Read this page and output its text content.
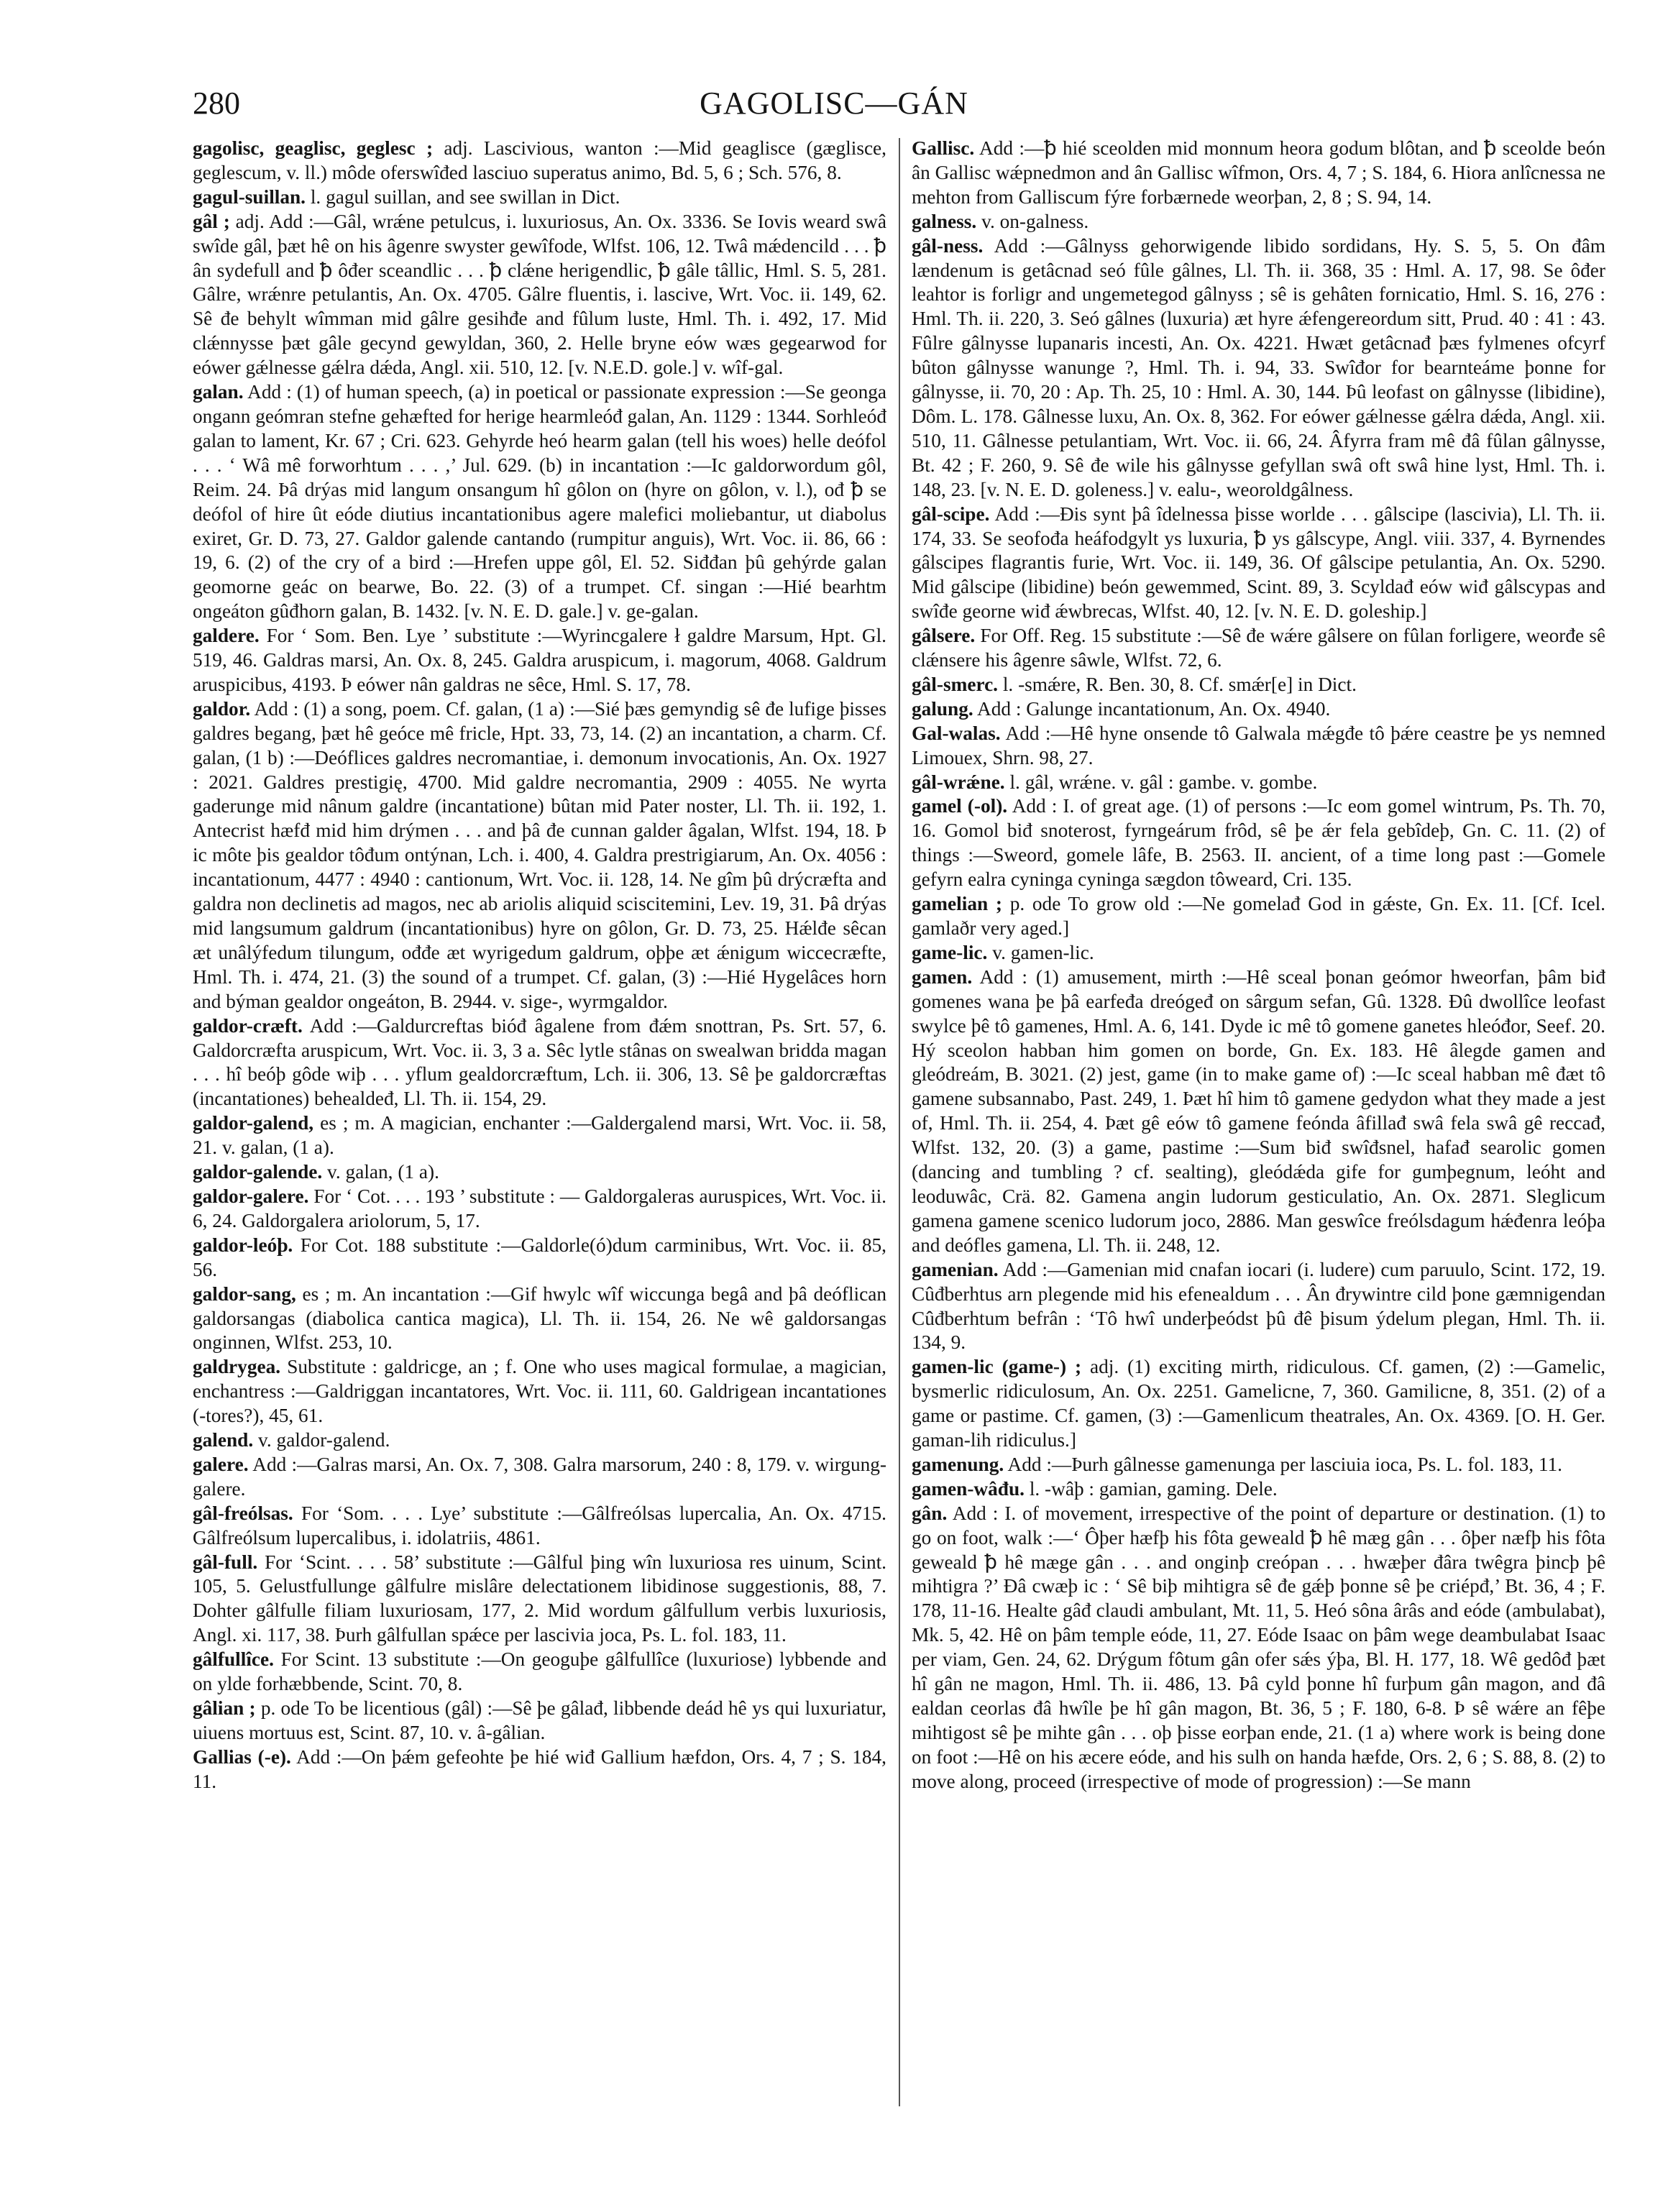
280	GAGOLISC—GÁN

gagolisc, geaglisc, geglesc ; adj. Lascivious, wanton :—Mid geaglisce (gæglisce, geglescum, v. ll.) môde oferswîđed lasciuo superatus animo, Bd. 5, 6 ; Sch. 576, 8.

gagul-suillan. l. gagul suillan, and see swillan in Dict.

gâl ; adj. Add :—Gâl, wrǽne petulcus, i. luxuriosus, An. Ox. 3336. Se Iovis weard swâ swîde gâl, þæt hê on his âgenre swyster gewîfode, Wlfst. 106, 12. Twâ mǽdencild . . . ꝥ ân sydefull and ꝥ ôđer sceandlic . . . ꝥ clǽne herigendlic, ꝥ gâle tâllic, Hml. S. 5, 281. Gâlre, wrǽnre petulantis, An. Ox. 4705. Gâlre fluentis, i. lascive, Wrt. Voc. ii. 149, 62. Sê đe behylt wîmman mid gâlre gesihđe and fûlum luste, Hml. Th. i. 492, 17. Mid clǽnnysse þæt gâle gecynd gewyldan, 360, 2. Helle bryne eów wæs gegearwod for eówer gǽlnesse gǽlra dǽda, Angl. xii. 510, 12. [v. N.E.D. gole.] v. wîf-gal.

galan. Add : (1) of human speech, (a) in poetical or passionate expression :—Se geonga ongann geómran stefne gehæfted for herige hearmleóđ galan, An. 1129 : 1344. Sorhleóđ galan to lament, Kr. 67 ; Cri. 623. Gehyrde heó hearm galan (tell his woes) helle deófol . . . ‘ Wâ mê forworhtum . . . ,’ Jul. 629. (b) in incantation :—Ic galdorwordum gôl, Reim. 24. Þâ drýas mid langum onsangum hî gôlon on (hyre on gôlon, v. l.), ođ ꝥ se deófol of hire ût eóde diutius incantationibus agere malefici moliebantur, ut diabolus exiret, Gr. D. 73, 27. Galdor galende cantando (rumpitur anguis), Wrt. Voc. ii. 86, 66 : 19, 6. (2) of the cry of a bird :—Hrefen uppe gôl, El. 52. Siđđan þû gehýrde galan geomorne geác on bearwe, Bo. 22. (3) of a trumpet. Cf. singan :—Hié bearhtm ongeáton gûđhorn galan, B. 1432. [v. N. E. D. gale.] v. ge-galan.

galdere. For ‘ Som. Ben. Lye ’ substitute :—Wyrincgalere ł galdre Marsum, Hpt. Gl. 519, 46. Galdras marsi, An. Ox. 8, 245. Galdra aruspicum, i. magorum, 4068. Galdrum aruspicibus, 4193. Þ eówer nân galdras ne sêce, Hml. S. 17, 78.

galdor. Add : (1) a song, poem. Cf. galan, (1 a) :—Sié þæs gemyndig sê đe lufige þisses galdres begang, þæt hê geóce mê fricle, Hpt. 33, 73, 14. (2) an incantation, a charm. Cf. galan, (1 b) :—Deóflices galdres necromantiae, i. demonum invocationis, An. Ox. 1927 : 2021. Galdres prestigię, 4700. Mid galdre necromantia, 2909 : 4055. Ne wyrta gaderunge mid nânum galdre (incantatione) bûtan mid Pater noster, Ll. Th. ii. 192, 1. Antecrist hæfđ mid him drýmen . . . and þâ đe cunnan galder âgalan, Wlfst. 194, 18. Þ ic môte þis gealdor tôđum ontýnan, Lch. i. 400, 4. Galdra prestrigiarum, An. Ox. 4056 : incantationum, 4477 : 4940 : cantionum, Wrt. Voc. ii. 128, 14. Ne gîm þû drýcræfta and galdra non declinetis ad magos, nec ab ariolis aliquid sciscitemini, Lev. 19, 31. Þâ drýas mid langsumum galdrum (incantationibus) hyre on gôlon, Gr. D. 73, 25. Hǽlđe sêcan æt unâlýfedum tilungum, ođđe æt wyrigedum galdrum, oþþe æt ǽnigum wiccecræfte, Hml. Th. i. 474, 21. (3) the sound of a trumpet. Cf. galan, (3) :—Hié Hygelâces horn and býman gealdor ongeáton, B. 2944. v. sige-, wyrmgaldor.

galdor-cræft. Add :—Galdurcreftas bióđ âgalene from đǽm snottran, Ps. Srt. 57, 6. Galdorcræfta aruspicum, Wrt. Voc. ii. 3, 3 a. Sêc lytle stânas on swealwan bridda magan . . . hî beóþ gôde wiþ . . . yflum gealdorcræftum, Lch. ii. 306, 13. Sê þe galdorcræftas (incantationes) behealdeđ, Ll. Th. ii. 154, 29.

galdor-galend, es ; m. A magician, enchanter :—Galdergalend marsi, Wrt. Voc. ii. 58, 21. v. galan, (1 a).

galdor-galende. v. galan, (1 a).

galdor-galere. For ‘ Cot. . . . 193 ’ substitute : — Galdorgaleras auruspices, Wrt. Voc. ii. 6, 24. Galdorgalera ariolorum, 5, 17.

galdor-leóþ. For Cot. 188 substitute :—Galdorle(ó)dum carminibus, Wrt. Voc. ii. 85, 56.

galdor-sang, es ; m. An incantation :—Gif hwylc wîf wiccunga begâ and þâ deóflican galdorsangas (diabolica cantica magica), Ll. Th. ii. 154, 26. Ne wê galdorsangas onginnen, Wlfst. 253, 10.

galdrygea. Substitute : galdricge, an ; f. One who uses magical formulae, a magician, enchantress :—Galdriggan incantatores, Wrt. Voc. ii. 111, 60. Galdrigean incantationes (-tores?), 45, 61.

galend. v. galdor-galend.

galere. Add :—Galras marsi, An. Ox. 7, 308. Galra marsorum, 240 : 8, 179. v. wirgung-galere.

gâl-freólsas. For ‘Som. . . . Lye’ substitute :—Gâlfreólsas lupercalia, An. Ox. 4715. Gâlfreólsum lupercalibus, i. idolatriis, 4861.

gâl-full. For ‘Scint. . . . 58’ substitute :—Gâlful þing wîn luxuriosa res uinum, Scint. 105, 5. Gelustfullunge gâlfulre mislâre delectationem libidinose suggestionis, 88, 7. Dohter gâlfulle filiam luxuriosam, 177, 2. Mid wordum gâlfullum verbis luxuriosis, Angl. xi. 117, 38. Þurh gâlfullan spǽce per lascivia joca, Ps. L. fol. 183, 11.

gâlfullîce. For Scint. 13 substitute :—On geoguþe gâlfullîce (luxuriose) lybbende and on ylde forhæbbende, Scint. 70, 8.

gâlian ; p. ode To be licentious (gâl) :—Sê þe gâlađ, libbende deád hê ys qui luxuriatur, uiuens mortuus est, Scint. 87, 10. v. â-gâlian.

Gallias (-e). Add :—On þǽm gefeohte þe hié wiđ Gallium hæfdon, Ors. 4, 7 ; S. 184, 11.

Gallisc. Add :—ꝥ hié sceolden mid monnum heora godum blôtan, and ꝥ sceolde beón ân Gallisc wǽpnedmon and ân Gallisc wîfmon, Ors. 4, 7 ; S. 184, 6. Hiora anlîcnessa ne mehton from Galliscum fýre forbærnede weorþan, 2, 8 ; S. 94, 14.

galness. v. on-galness.

gâl-ness. Add :—Gâlnyss gehorwigende libido sordidans, Hy. S. 5, 5. On đâm lændenum is getâcnad seó fûle gâlnes, Ll. Th. ii. 368, 35 : Hml. A. 17, 98. Se ôđer leahtor is forligr and ungemetegod gâlnyss ; sê is gehâten fornicatio, Hml. S. 16, 276 : Hml. Th. ii. 220, 3. Seó gâlnes (luxuria) æt hyre ǽfengereordum sitt, Prud. 40 : 41 : 43. Fûlre gâlnysse lupanaris incesti, An. Ox. 4221. Hwæt getâcnađ þæs fylmenes ofcyrf bûton gâlnysse wanunge ?, Hml. Th. i. 94, 33. Swîđor for bearnteáme þonne for gâlnysse, ii. 70, 20 : Ap. Th. 25, 10 : Hml. A. 30, 144. Þû leofast on gâlnysse (libidine), Dôm. L. 178. Gâlnesse luxu, An. Ox. 8, 362. For eówer gǽlnesse gǽlra dǽda, Angl. xii. 510, 11. Gâlnesse petulantiam, Wrt. Voc. ii. 66, 24. Âfyrra fram mê đâ fûlan gâlnysse, Bt. 42 ; F. 260, 9. Sê đe wile his gâlnysse gefyllan swâ oft swâ hine lyst, Hml. Th. i. 148, 23. [v. N. E. D. goleness.] v. ealu-, weoroldgâlness.

gâl-scipe. Add :—Đis synt þâ îdelnessa þisse worlde . . . gâlscipe (lascivia), Ll. Th. ii. 174, 33. Se seofođa heáfodgylt ys luxuria, ꝥ ys gâlscype, Angl. viii. 337, 4. Byrnendes gâlscipes flagrantis furie, Wrt. Voc. ii. 149, 36. Of gâlscipe petulantia, An. Ox. 5290. Mid gâlscipe (libidine) beón gewemmed, Scint. 89, 3. Scyldađ eów wiđ gâlscypas and swîđe georne wiđ ǽwbrecas, Wlfst. 40, 12. [v. N. E. D. goleship.]

gâlsere. For Off. Reg. 15 substitute :—Sê đe wǽre gâlsere on fûlan forligere, weorđe sê clǽnsere his âgenre sâwle, Wlfst. 72, 6.

gâl-smerc. l. -smǽre, R. Ben. 30, 8. Cf. smǽr[e] in Dict.

galung. Add : Galunge incantationum, An. Ox. 4940.

Gal-walas. Add :—Hê hyne onsende tô Galwala mǽgđe tô þǽre ceastre þe ys nemned Limouex, Shrn. 98, 27.

gâl-wrǽne. l. gâl, wrǽne. v. gâl : gambe. v. gombe.

gamel (-ol). Add : I. of great age. (1) of persons :—Ic eom gomel wintrum, Ps. Th. 70, 16. Gomol biđ snoterost, fyrngeárum frôd, sê þe ǽr fela gebîdeþ, Gn. C. 11. (2) of things :—Sweord, gomele lâfe, B. 2563. II. ancient, of a time long past :—Gomele gefyrn ealra cyninga cyninga sægdon tôweard, Cri. 135.

gamelian ; p. ode To grow old :—Ne gomelađ God in gǽste, Gn. Ex. 11. [Cf. Icel. gamlaðr very aged.]

game-lic. v. gamen-lic.

gamen. Add : (1) amusement, mirth :—Hê sceal þonan geómor hweorfan, þâm biđ gomenes wana þe þâ earfeđa dreógeđ on sârgum sefan, Gû. 1328. Đû dwollîce leofast swylce þê tô gamenes, Hml. A. 6, 141. Dyde ic mê tô gomene ganetes hleóđor, Seef. 20. Hý sceolon habban him gomen on borde, Gn. Ex. 183. Hê âlegde gamen and gleódreám, B. 3021. (2) jest, game (in to make game of) :—Ic sceal habban mê đæt tô gamene subsannabo, Past. 249, 1. Þæt hî him tô gamene gedydon what they made a jest of, Hml. Th. ii. 254, 4. Þæt gê eów tô gamene feónda âfillađ swâ fela swâ gê reccađ, Wlfst. 132, 20. (3) a game, pastime :—Sum biđ swîđsnel, hafađ searolic gomen (dancing and tumbling ? cf. sealting), gleódǽda gife for gumþegnum, leóht and leoduwâc, Crä. 82. Gamena angin ludorum gesticulatio, An. Ox. 2871. Sleglicum gamena gamene scenico ludorum joco, 2886. Man geswîce freólsdagum hǽđenra leóþa and deófles gamena, Ll. Th. ii. 248, 12.

gamenian. Add :—Gamenian mid cnafan iocari (i. ludere) cum paruulo, Scint. 172, 19. Cûđberhtus arn plegende mid his efenealdum . . . Ân đrywintre cild þone gæmnigendan Cûđberhtum befrân : ‘Tô hwî underþeódst þû đê þisum ýdelum plegan, Hml. Th. ii. 134, 9.

gamen-lic (game-) ; adj. (1) exciting mirth, ridiculous. Cf. gamen, (2) :—Gamelic, bysmerlic ridiculosum, An. Ox. 2251. Gamelicne, 7, 360. Gamilicne, 8, 351. (2) of a game or pastime. Cf. gamen, (3) :—Gamenlicum theatrales, An. Ox. 4369. [O. H. Ger. gaman-lih ridiculus.]

gamenung. Add :—Þurh gâlnesse gamenunga per lasciuia ioca, Ps. L. fol. 183, 11.

gamen-wâđu. l. -wâþ : gamian, gaming. Dele.

gân. Add : I. of movement, irrespective of the point of departure or destination. (1) to go on foot, walk :—‘ Ôþer hæfþ his fôta geweald ꝥ hê mæg gân . . . ôþer næfþ his fôta geweald ꝥ hê mæge gân . . . and onginþ creópan . . . hwæþer đâra twêgra þincþ þê mihtigra ?’ Đâ cwæþ ic : ‘ Sê biþ mihtigra sê đe gǽþ þonne sê þe criépđ,’ Bt. 36, 4 ; F. 178, 11-16. Healte gâđ claudi ambulant, Mt. 11, 5. Heó sôna ârâs and eóde (ambulabat), Mk. 5, 42. Hê on þâm temple eóde, 11, 27. Eóde Isaac on þâm wege deambulabat Isaac per viam, Gen. 24, 62. Drýgum fôtum gân ofer sǽs ýþa, Bl. H. 177, 18. Wê gedôđ þæt hî gân ne magon, Hml. Th. ii. 486, 13. Þâ cyld þonne hî furþum gân magon, and đâ ealdan ceorlas đâ hwîle þe hî gân magon, Bt. 36, 5 ; F. 180, 6-8. Þ sê wǽre an fêþe mihtigost sê þe mihte gân . . . oþ þisse eorþan ende, 21. (1 a) where work is being done on foot :—Hê on his æcere eóde, and his sulh on handa hæfde, Ors. 2, 6 ; S. 88, 8. (2) to move along, proceed (irrespective of mode of progression) :—Se mann
